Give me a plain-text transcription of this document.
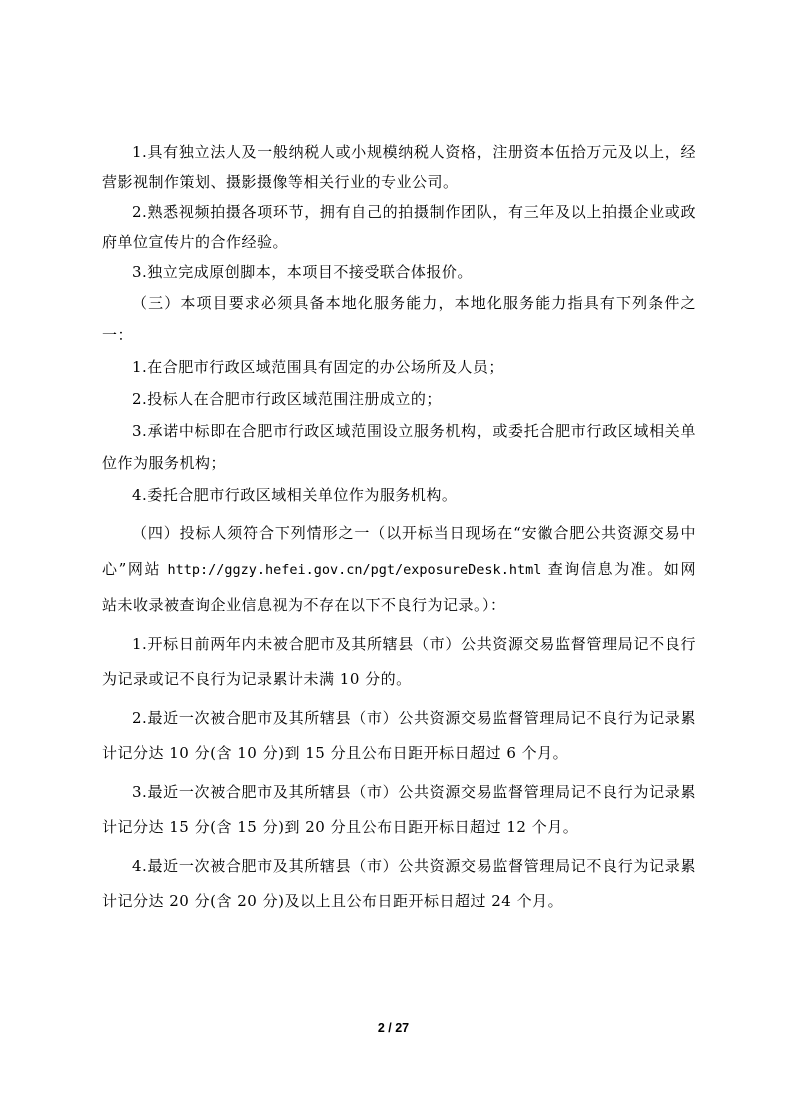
1.具有独立法人及一般纳税人或小规模纳税人资格，注册资本伍拾万元及以上，经营影视制作策划、摄影摄像等相关行业的专业公司。

2.熟悉视频拍摄各项环节，拥有自己的拍摄制作团队，有三年及以上拍摄企业或政府单位宣传片的合作经验。

3.独立完成原创脚本，本项目不接受联合体报价。

（三）本项目要求必须具备本地化服务能力，本地化服务能力指具有下列条件之一：

1.在合肥市行政区域范围具有固定的办公场所及人员；

2.投标人在合肥市行政区域范围注册成立的；

3.承诺中标即在合肥市行政区域范围设立服务机构，或委托合肥市行政区域相关单位作为服务机构；

4.委托合肥市行政区域相关单位作为服务机构。

（四）投标人须符合下列情形之一（以开标当日现场在“安徽合肥公共资源交易中心”网站 http://ggzy.hefei.gov.cn/pgt/exposureDesk.html 查询信息为准。如网站未收录被查询企业信息视为不存在以下不良行为记录。）：

1.开标日前两年内未被合肥市及其所辖县（市）公共资源交易监督管理局记不良行为记录或记不良行为记录累计未满 10 分的。

2.最近一次被合肥市及其所辖县（市）公共资源交易监督管理局记不良行为记录累计记分达 10 分(含 10 分)到 15 分且公布日距开标日超过 6 个月。

3.最近一次被合肥市及其所辖县（市）公共资源交易监督管理局记不良行为记录累计记分达 15 分(含 15 分)到 20 分且公布日距开标日超过 12 个月。

4.最近一次被合肥市及其所辖县（市）公共资源交易监督管理局记不良行为记录累计记分达 20 分(含 20 分)及以上且公布日距开标日超过 24 个月。

2 / 27
